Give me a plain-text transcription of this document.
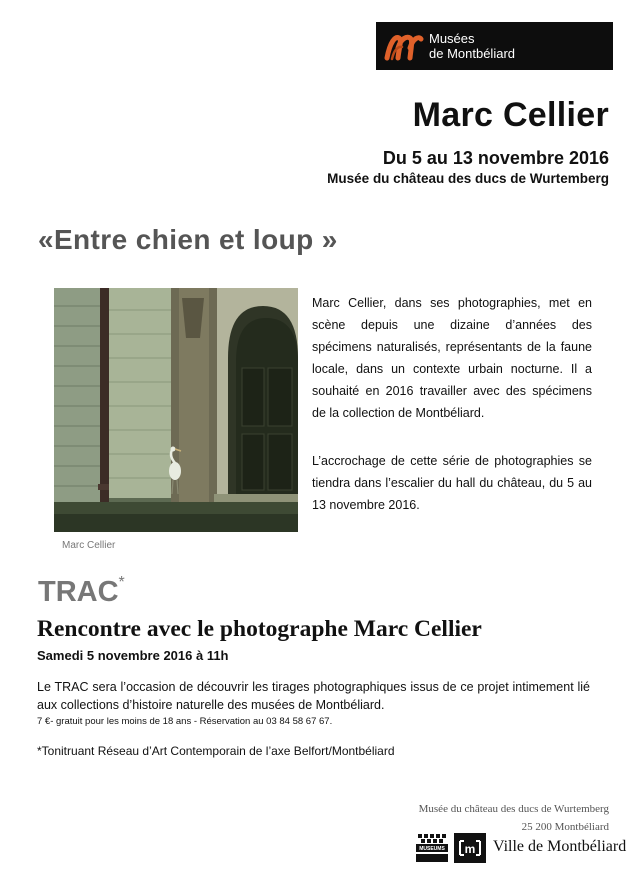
Musées
de Montbéliard
Marc Cellier
Du 5 au 13 novembre 2016
Musée du château des ducs de Wurtemberg
«Entre chien et loup »
Marc Cellier
Marc Cellier, dans ses photographies, met en scène depuis une dizaine d’années des spécimens naturalisés, représentants de la faune locale, dans un contexte urbain nocturne. Il a souhaité en 2016 travailler avec des spécimens de la collection de Montbéliard.
L’accrochage de cette série de photographies se tiendra dans l’escalier du hall du château, du 5 au 13 novembre 2016.
TRAC*
Rencontre avec le photographe Marc Cellier
Samedi 5 novembre 2016 à 11h
Le TRAC sera l’occasion de découvrir les tirages photographiques issus de ce projet intimement lié aux collections d’histoire naturelle des musées de Montbéliard.
7 €- gratuit pour les moins de 18 ans - Réservation au 03 84 58 67 67.
*Tonitruant Réseau d’Art Contemporain de l’axe Belfort/Montbéliard
Musée du château des ducs de Wurtemberg
25 200 Montbéliard
MUSEUMS m Ville de Montbéliard
